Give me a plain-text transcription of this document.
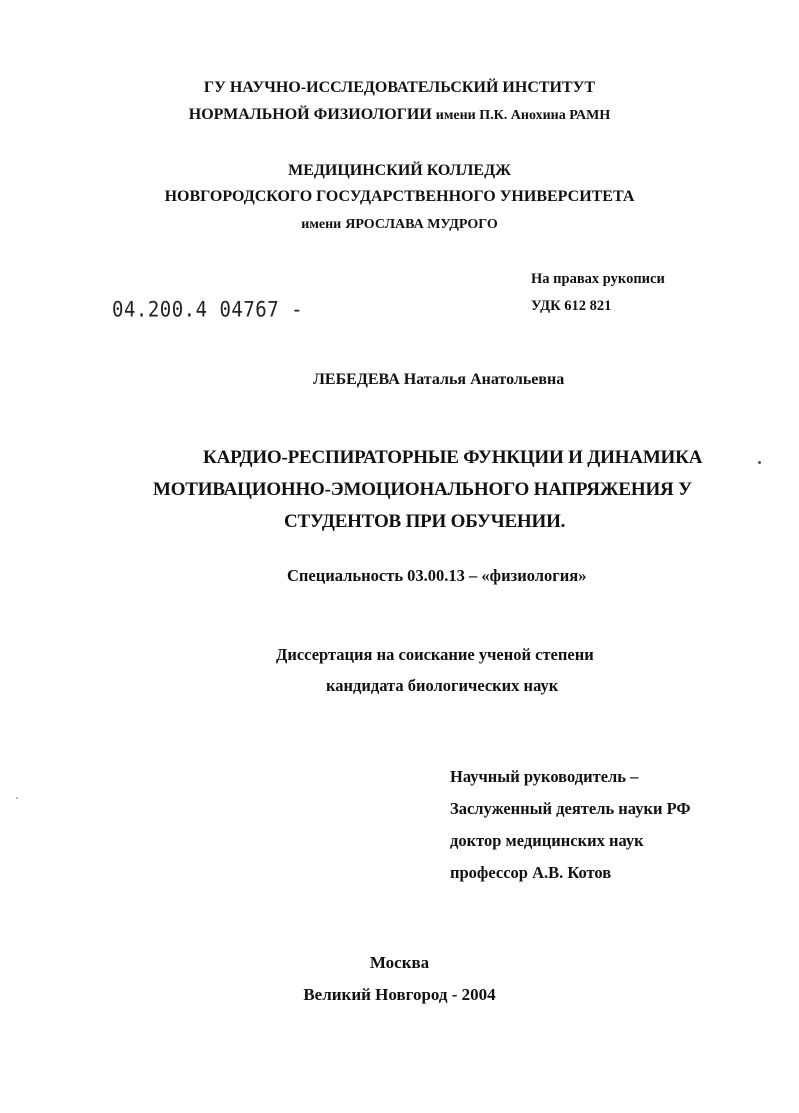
ГУ НАУЧНО-ИССЛЕДОВАТЕЛЬСКИЙ ИНСТИТУТ
НОРМАЛЬНОЙ ФИЗИОЛОГИИ имени П.К. Анохина РАМН
МЕДИЦИНСКИЙ КОЛЛЕДЖ
НОВГОРОДСКОГО ГОСУДАРСТВЕННОГО УНИВЕРСИТЕТА
имени ЯРОСЛАВА МУДРОГО
На правах рукописи
УДК 612 821
04.200.4 04767 -
ЛЕБЕДЕВА Наталья Анатольевна
КАРДИО-РЕСПИРАТОРНЫЕ ФУНКЦИИ И ДИНАМИКА
МОТИВАЦИОННО-ЭМОЦИОНАЛЬНОГО НАПРЯЖЕНИЯ У
СТУДЕНТОВ ПРИ ОБУЧЕНИИ.
Специальность 03.00.13 – «физиология»
Диссертация на соискание ученой степени
кандидата биологических наук
Научный руководитель –
Заслуженный деятель науки РФ
доктор медицинских наук
профессор А.В. Котов
Москва
Великий Новгород - 2004
